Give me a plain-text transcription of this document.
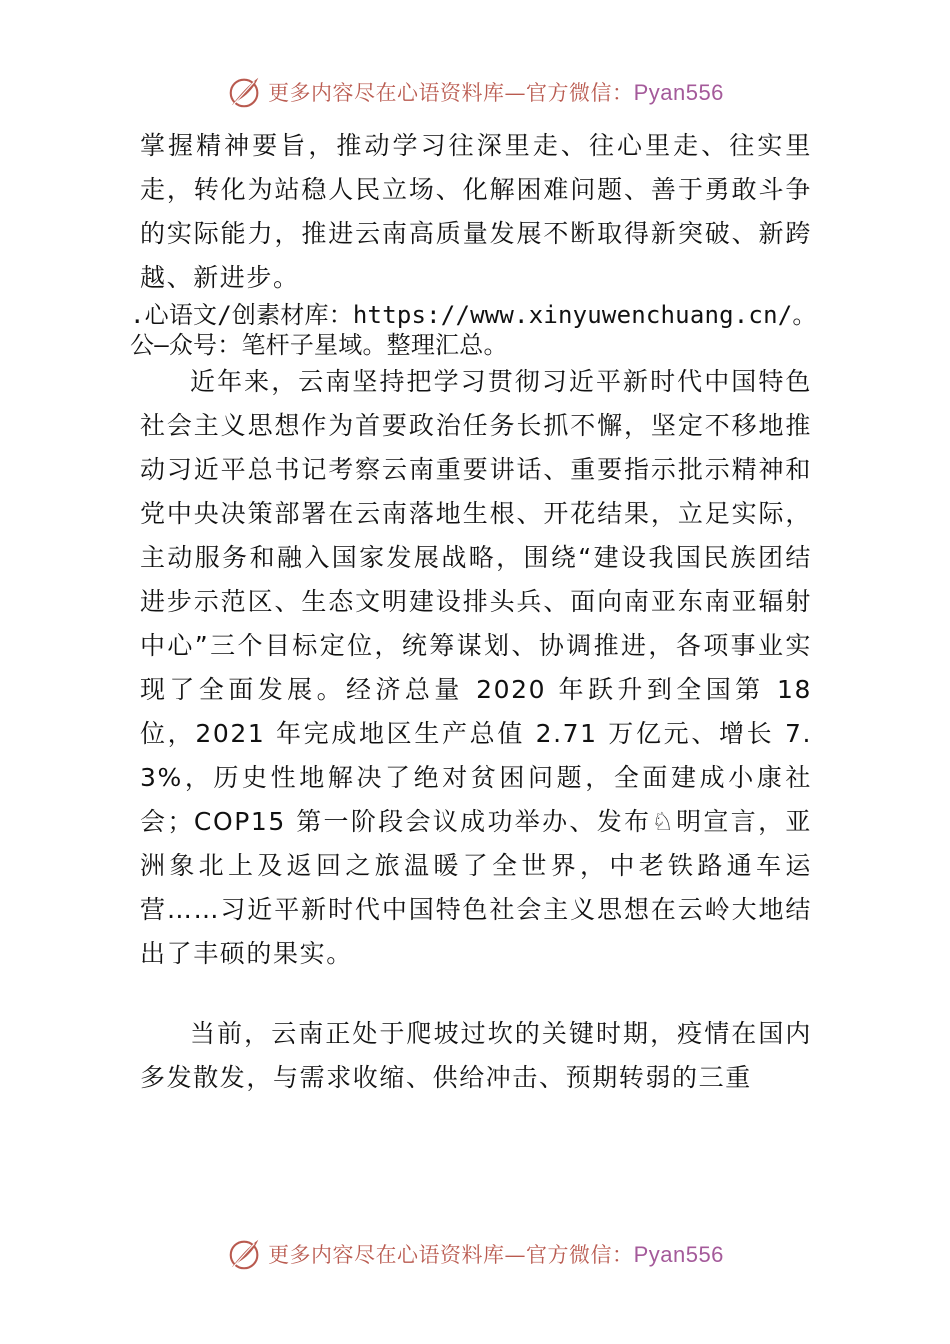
更多内容尽在心语资料库—官方微信：Pyan556

掌握精神要旨，推动学习往深里走、往心里走、往实里走，转化为站稳人民立场、化解困难问题、善于勇敢斗争的实际能力，推进云南高质量发展不断取得新突破、新跨越、新进步。

.心语文/创素材库：https://www.xinyuwenchuang.cn/。
公—众号：笔杆子星域。整理汇总。

近年来，云南坚持把学习贯彻习近平新时代中国特色社会主义思想作为首要政治任务长抓不懈，坚定不移地推动习近平总书记考察云南重要讲话、重要指示批示精神和党中央决策部署在云南落地生根、开花结果，立足实际，主动服务和融入国家发展战略，围绕“建设我国民族团结进步示范区、生态文明建设排头兵、面向南亚东南亚辐射中心”三个目标定位，统筹谋划、协调推进，各项事业实现了全面发展。经济总量 2020 年跃升到全国第 18 位，2021 年完成地区生产总值 2.71 万亿元、增长 7.3%，历史性地解决了绝对贫困问题，全面建成小康社会；COP15 第一阶段会议成功举办、发布♘明宣言，亚洲象北上及返回之旅温暖了全世界，中老铁路通车运营……习近平新时代中国特色社会主义思想在云岭大地结出了丰硕的果实。

当前，云南正处于爬坡过坎的关键时期，疫情在国内多发散发，与需求收缩、供给冲击、预期转弱的三重

更多内容尽在心语资料库—官方微信：Pyan556
